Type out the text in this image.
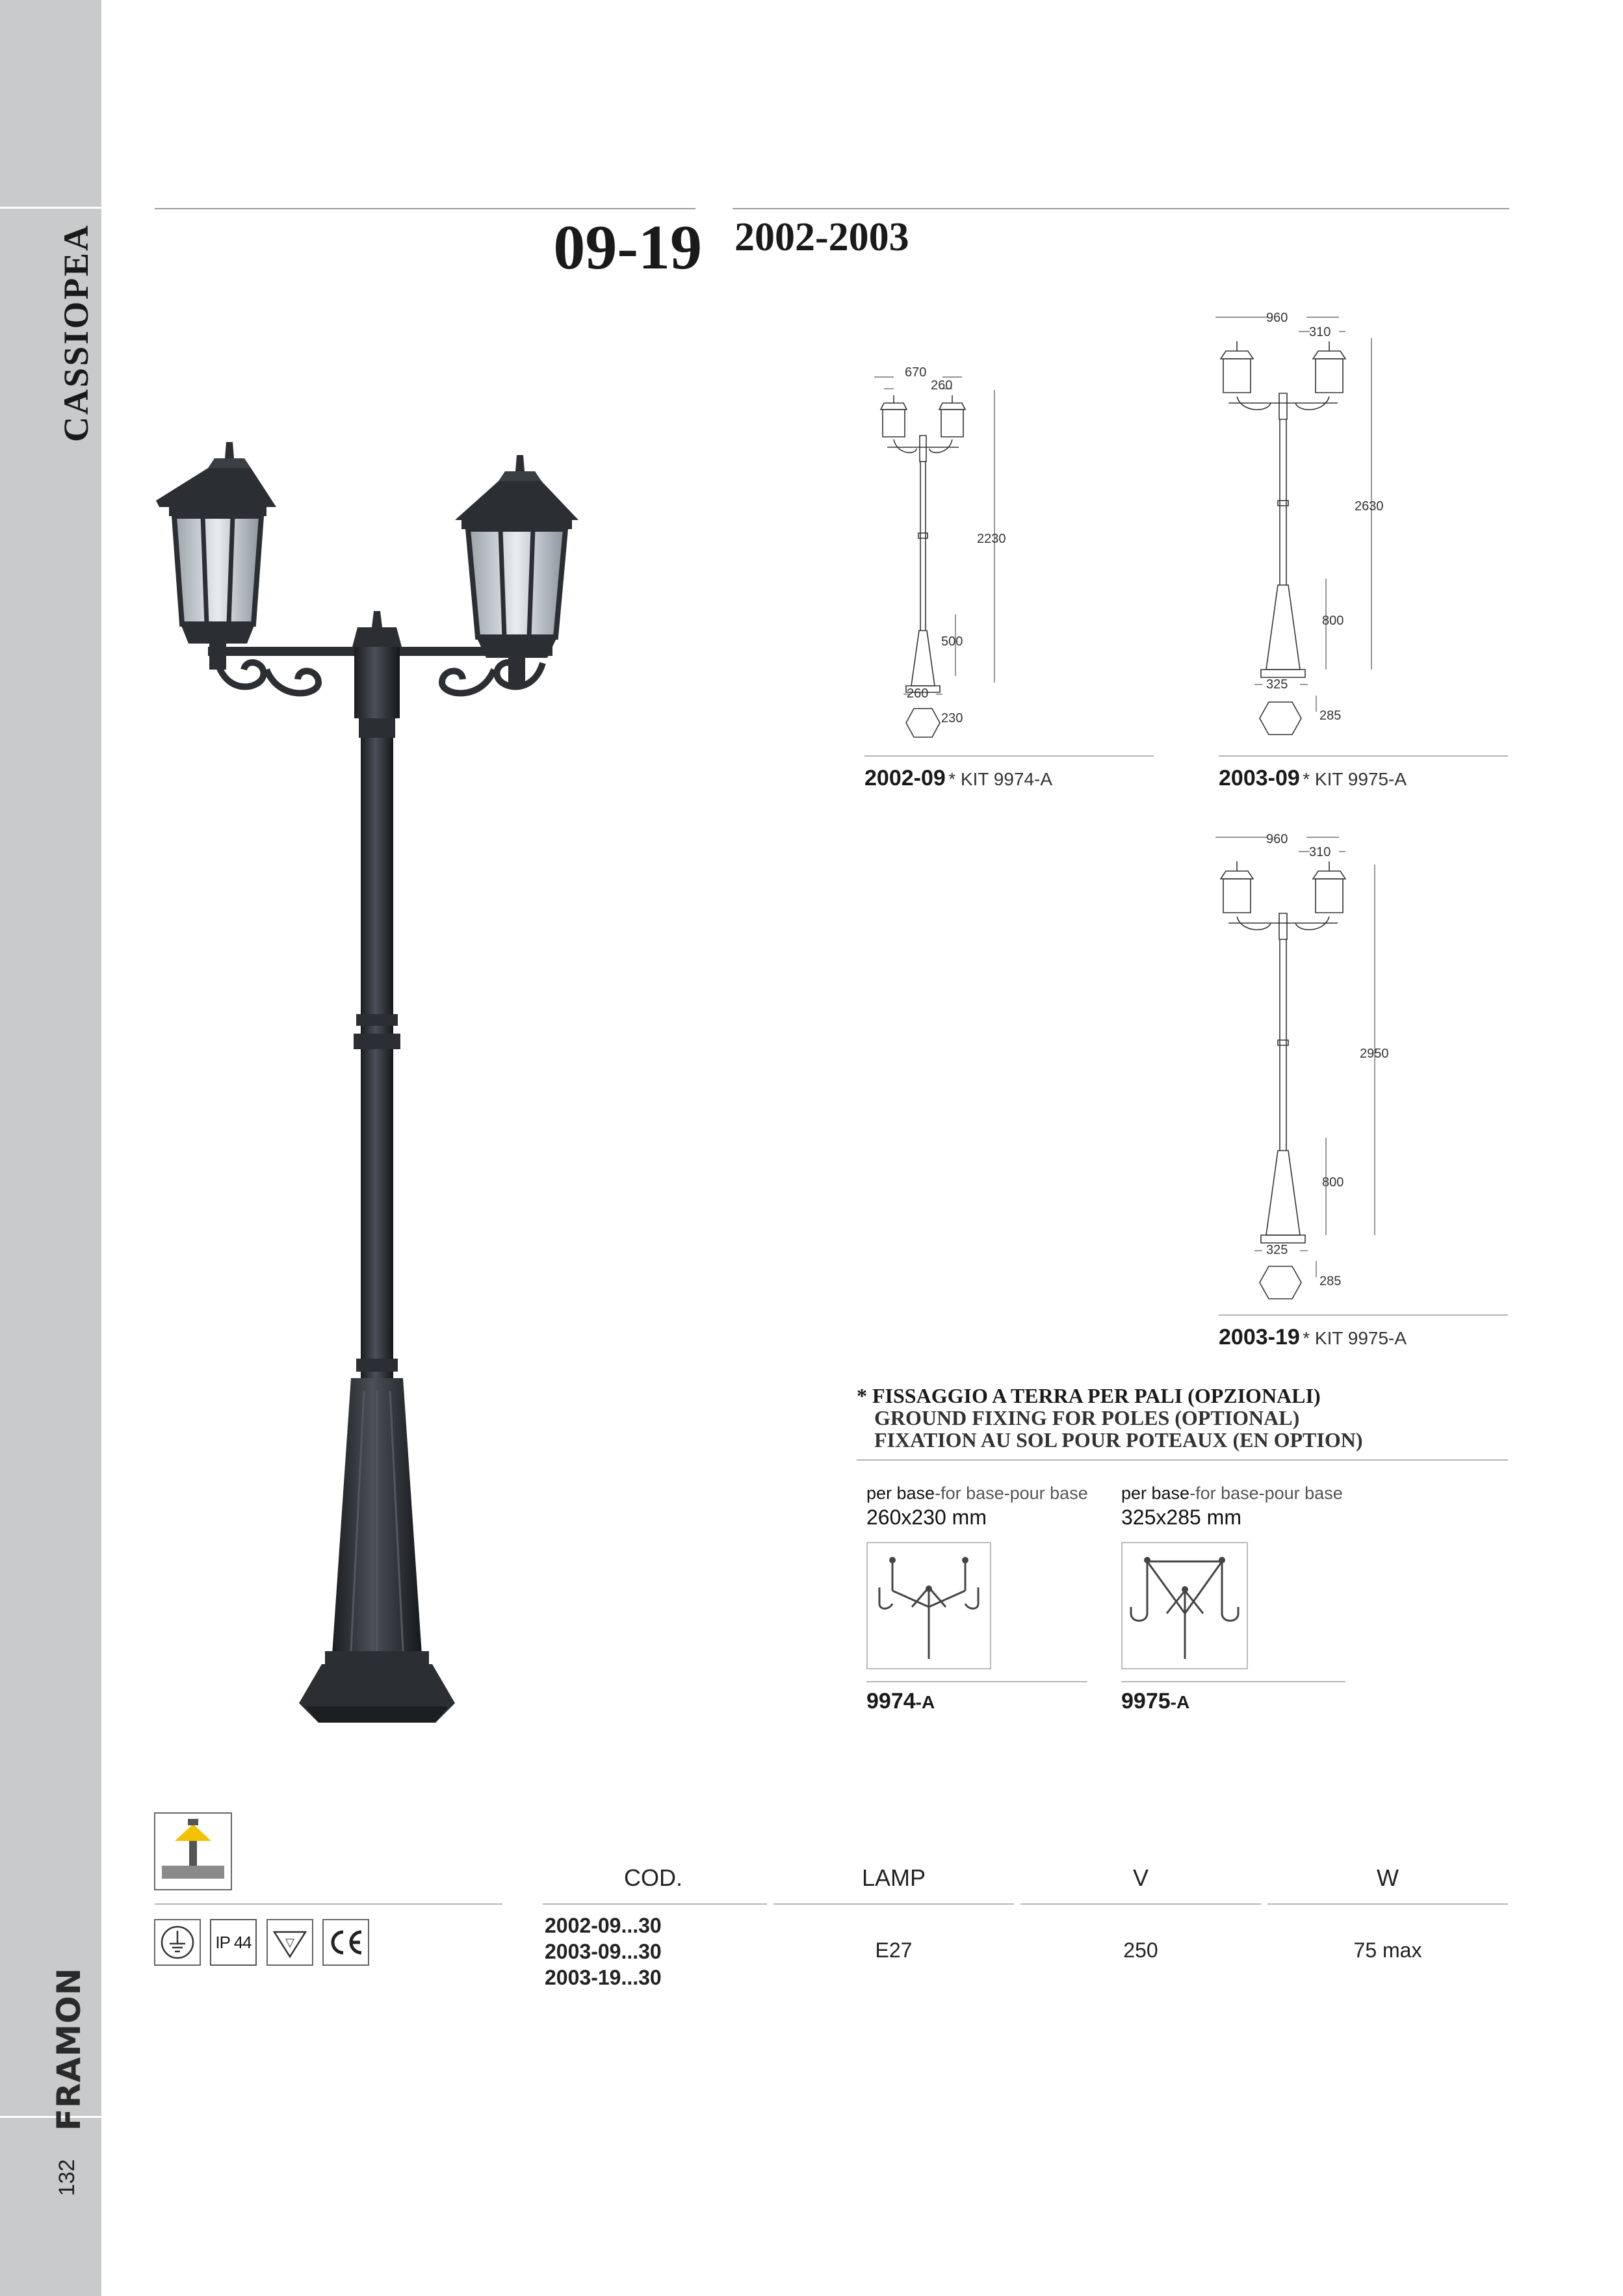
CASSIOPEA
FRAMON
132
09-19 2002-2003
670
260
2230
500
260
230
2002-09 * KIT 9974-A
960
310
2630
800
325
285
2003-09 * KIT 9975-A
960
310
2950
800
325
285
2003-19 * KIT 9975-A
* FISSAGGIO A TERRA PER PALI (OPZIONALI)
GROUND FIXING FOR POLES (OPTIONAL)
FIXATION AU SOL POUR POTEAUX (EN OPTION)
per base-for base-pour base
260x230 mm
9974-A
per base-for base-pour base
325x285 mm
9975-A
IP 44	▽
COD.	LAMP	V	W
2002-09...30
2003-09...30
2003-19...30
E27	250	75 max
